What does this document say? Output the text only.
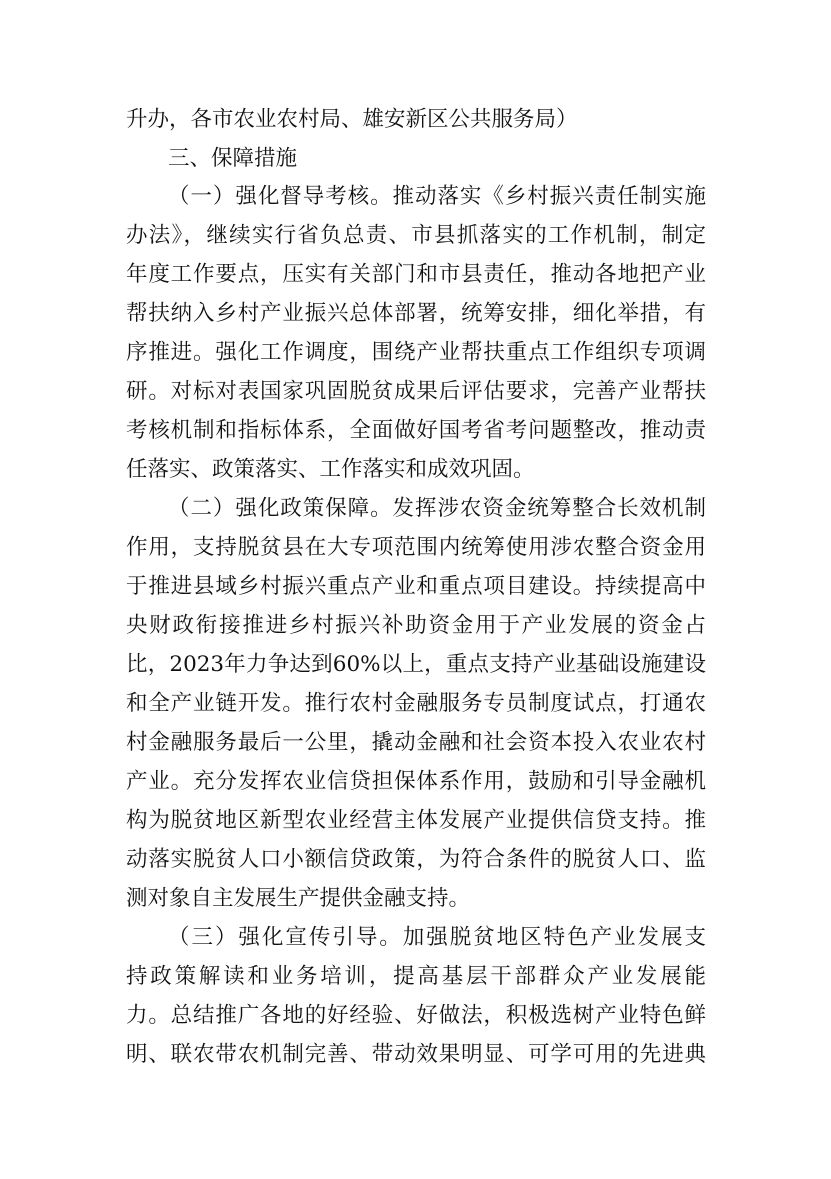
升办，各市农业农村局、雄安新区公共服务局）
三、保障措施
（一）强化督导考核。推动落实《乡村振兴责任制实施
办法》，继续实行省负总责、市县抓落实的工作机制，制定
年度工作要点，压实有关部门和市县责任，推动各地把产业
帮扶纳入乡村产业振兴总体部署，统筹安排，细化举措，有
序推进。强化工作调度，围绕产业帮扶重点工作组织专项调
研。对标对表国家巩固脱贫成果后评估要求，完善产业帮扶
考核机制和指标体系，全面做好国考省考问题整改，推动责
任落实、政策落实、工作落实和成效巩固。
（二）强化政策保障。发挥涉农资金统筹整合长效机制
作用，支持脱贫县在大专项范围内统筹使用涉农整合资金用
于推进县域乡村振兴重点产业和重点项目建设。持续提高中
央财政衔接推进乡村振兴补助资金用于产业发展的资金占
比，2023年力争达到60%以上，重点支持产业基础设施建设
和全产业链开发。推行农村金融服务专员制度试点，打通农
村金融服务最后一公里，撬动金融和社会资本投入农业农村
产业。充分发挥农业信贷担保体系作用，鼓励和引导金融机
构为脱贫地区新型农业经营主体发展产业提供信贷支持。推
动落实脱贫人口小额信贷政策，为符合条件的脱贫人口、监
测对象自主发展生产提供金融支持。
（三）强化宣传引导。加强脱贫地区特色产业发展支
持政策解读和业务培训，提高基层干部群众产业发展能
力。总结推广各地的好经验、好做法，积极选树产业特色鲜
明、联农带农机制完善、带动效果明显、可学可用的先进典
